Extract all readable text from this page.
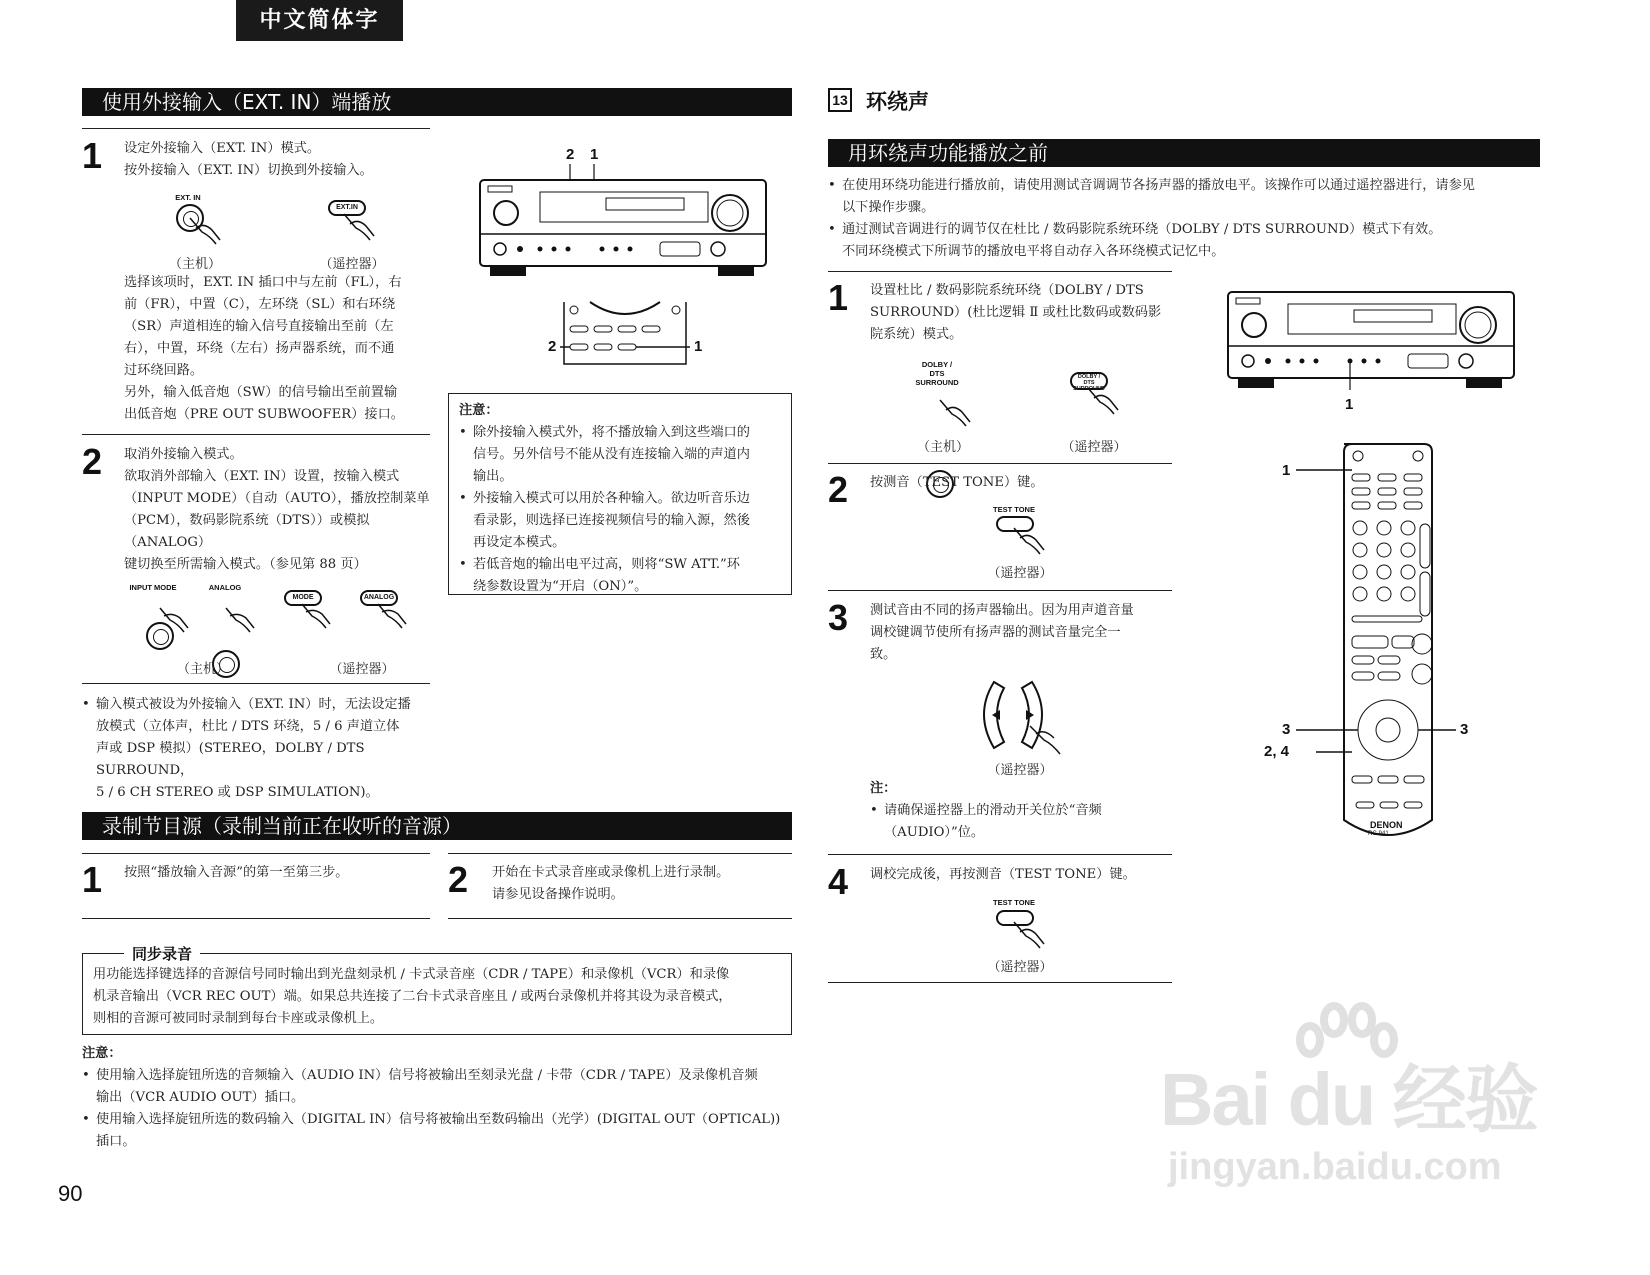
中文简体字
使用外接输入（EXT. IN）端播放
1 设定外接输入（EXT. IN）模式。

按外接输入（EXT. IN）切换到外接输入。

EXT. IN
EXT.IN
（主机）	（遥控器）

选择该项时，EXT. IN 插口中与左前（FL），右

前（FR），中置（C），左环绕（SL）和右环绕

（SR）声道相连的输入信号直接输出至前（左

右），中置，环绕（左右）扬声器系统，而不通

过环绕回路。

另外，输入低音炮（SW）的信号输出至前置输

出低音炮（PRE OUT SUBWOOFER）接口。

2 取消外接输入模式。

欲取消外部输入（EXT. IN）设置，按输入模式

（INPUT MODE）（自动（AUTO），播放控制菜单

（PCM），数码影院系统（DTS））或模拟（ANALOG）

键切换至所需输入模式。（参见第 88 页）

INPUT MODE	ANALOG
MODE	ANALOG
（主机）	（遥控器）
• 输入模式被设为外接输入（EXT. IN）时，无法设定播
放模式（立体声，杜比 / DTS 环绕，5 / 6 声道立体
声或 DSP 模拟）(STEREO，DOLBY / DTS SURROUND，
5 / 6 CH STEREO 或 DSP SIMULATION)。
2 1
2	1

注意：

• 除外接输入模式外，将不播放输入到这些端口的
信号。另外信号不能从没有连接输入端的声道内
输出。
• 外接输入模式可以用於各种输入。欲边听音乐边
看录影，则选择已连接视频信号的输入源，然後
再设定本模式。
• 若低音炮的输出电平过高，则将“SW ATT.”环
绕参数设置为“开启（ON）”。
录制节目源（录制当前正在收听的音源）
1 按照“播放输入音源”的第一至第三步。	2 开始在卡式录音座或录像机上进行录制。

请参见设备操作说明。

用功能选择键选择的音源信号同时输出到光盘刻录机 / 卡式录音座（CDR / TAPE）和录像机（VCR）和录像

机录音输出（VCR REC OUT）端。如果总共连接了二台卡式录音座且 / 或两台录像机并将其设为录音模式，

则相的音源可被同时录制到每台卡座或录像机上。

同步录音

注意：

• 使用输入选择旋钮所选的音频输入（AUDIO IN）信号将被输出至刻录光盘 / 卡带（CDR / TAPE）及录像机音频
输出（VCR AUDIO OUT）插口。
• 使用输入选择旋钮所选的数码输入（DIGITAL IN）信号将被输出至数码输出（光学）(DIGITAL OUT（OPTICAL))
插口。
90
13 环绕声
用环绕声功能播放之前
• 在使用环绕功能进行播放前，请使用测试音调调节各扬声器的播放电平。该操作可以通过遥控器进行，请参见
以下操作步骤。
• 通过测试音调进行的调节仅在杜比 / 数码影院系统环绕（DOLBY / DTS SURROUND）模式下有效。
不同环绕模式下所调节的播放电平将自动存入各环绕模式记忆中。
1 设置杜比 / 数码影院系统环绕（DOLBY / DTS

SURROUND）(杜比逻辑 Ⅱ 或杜比数码或数码影

院系统）模式。

DOLBY / DTS SURROUND
DOLBY / DTS SURROUND
（主机）	（遥控器）
2 按测音（TEST TONE）键。
TEST TONE
（遥控器）
3 测试音由不同的扬声器输出。因为用声道音量

调校键调节使所有扬声器的测试音量完全一

致。

（遥控器）

注：

• 请确保遥控器上的滑动开关位於“音频
（AUDIO）”位。
4 调校完成後，再按测音（TEST TONE）键。
TEST TONE
（遥控器）
1
DENON
RC-941
1
3	3
2, 4
Bai du 经验
jingyan.baidu.com
